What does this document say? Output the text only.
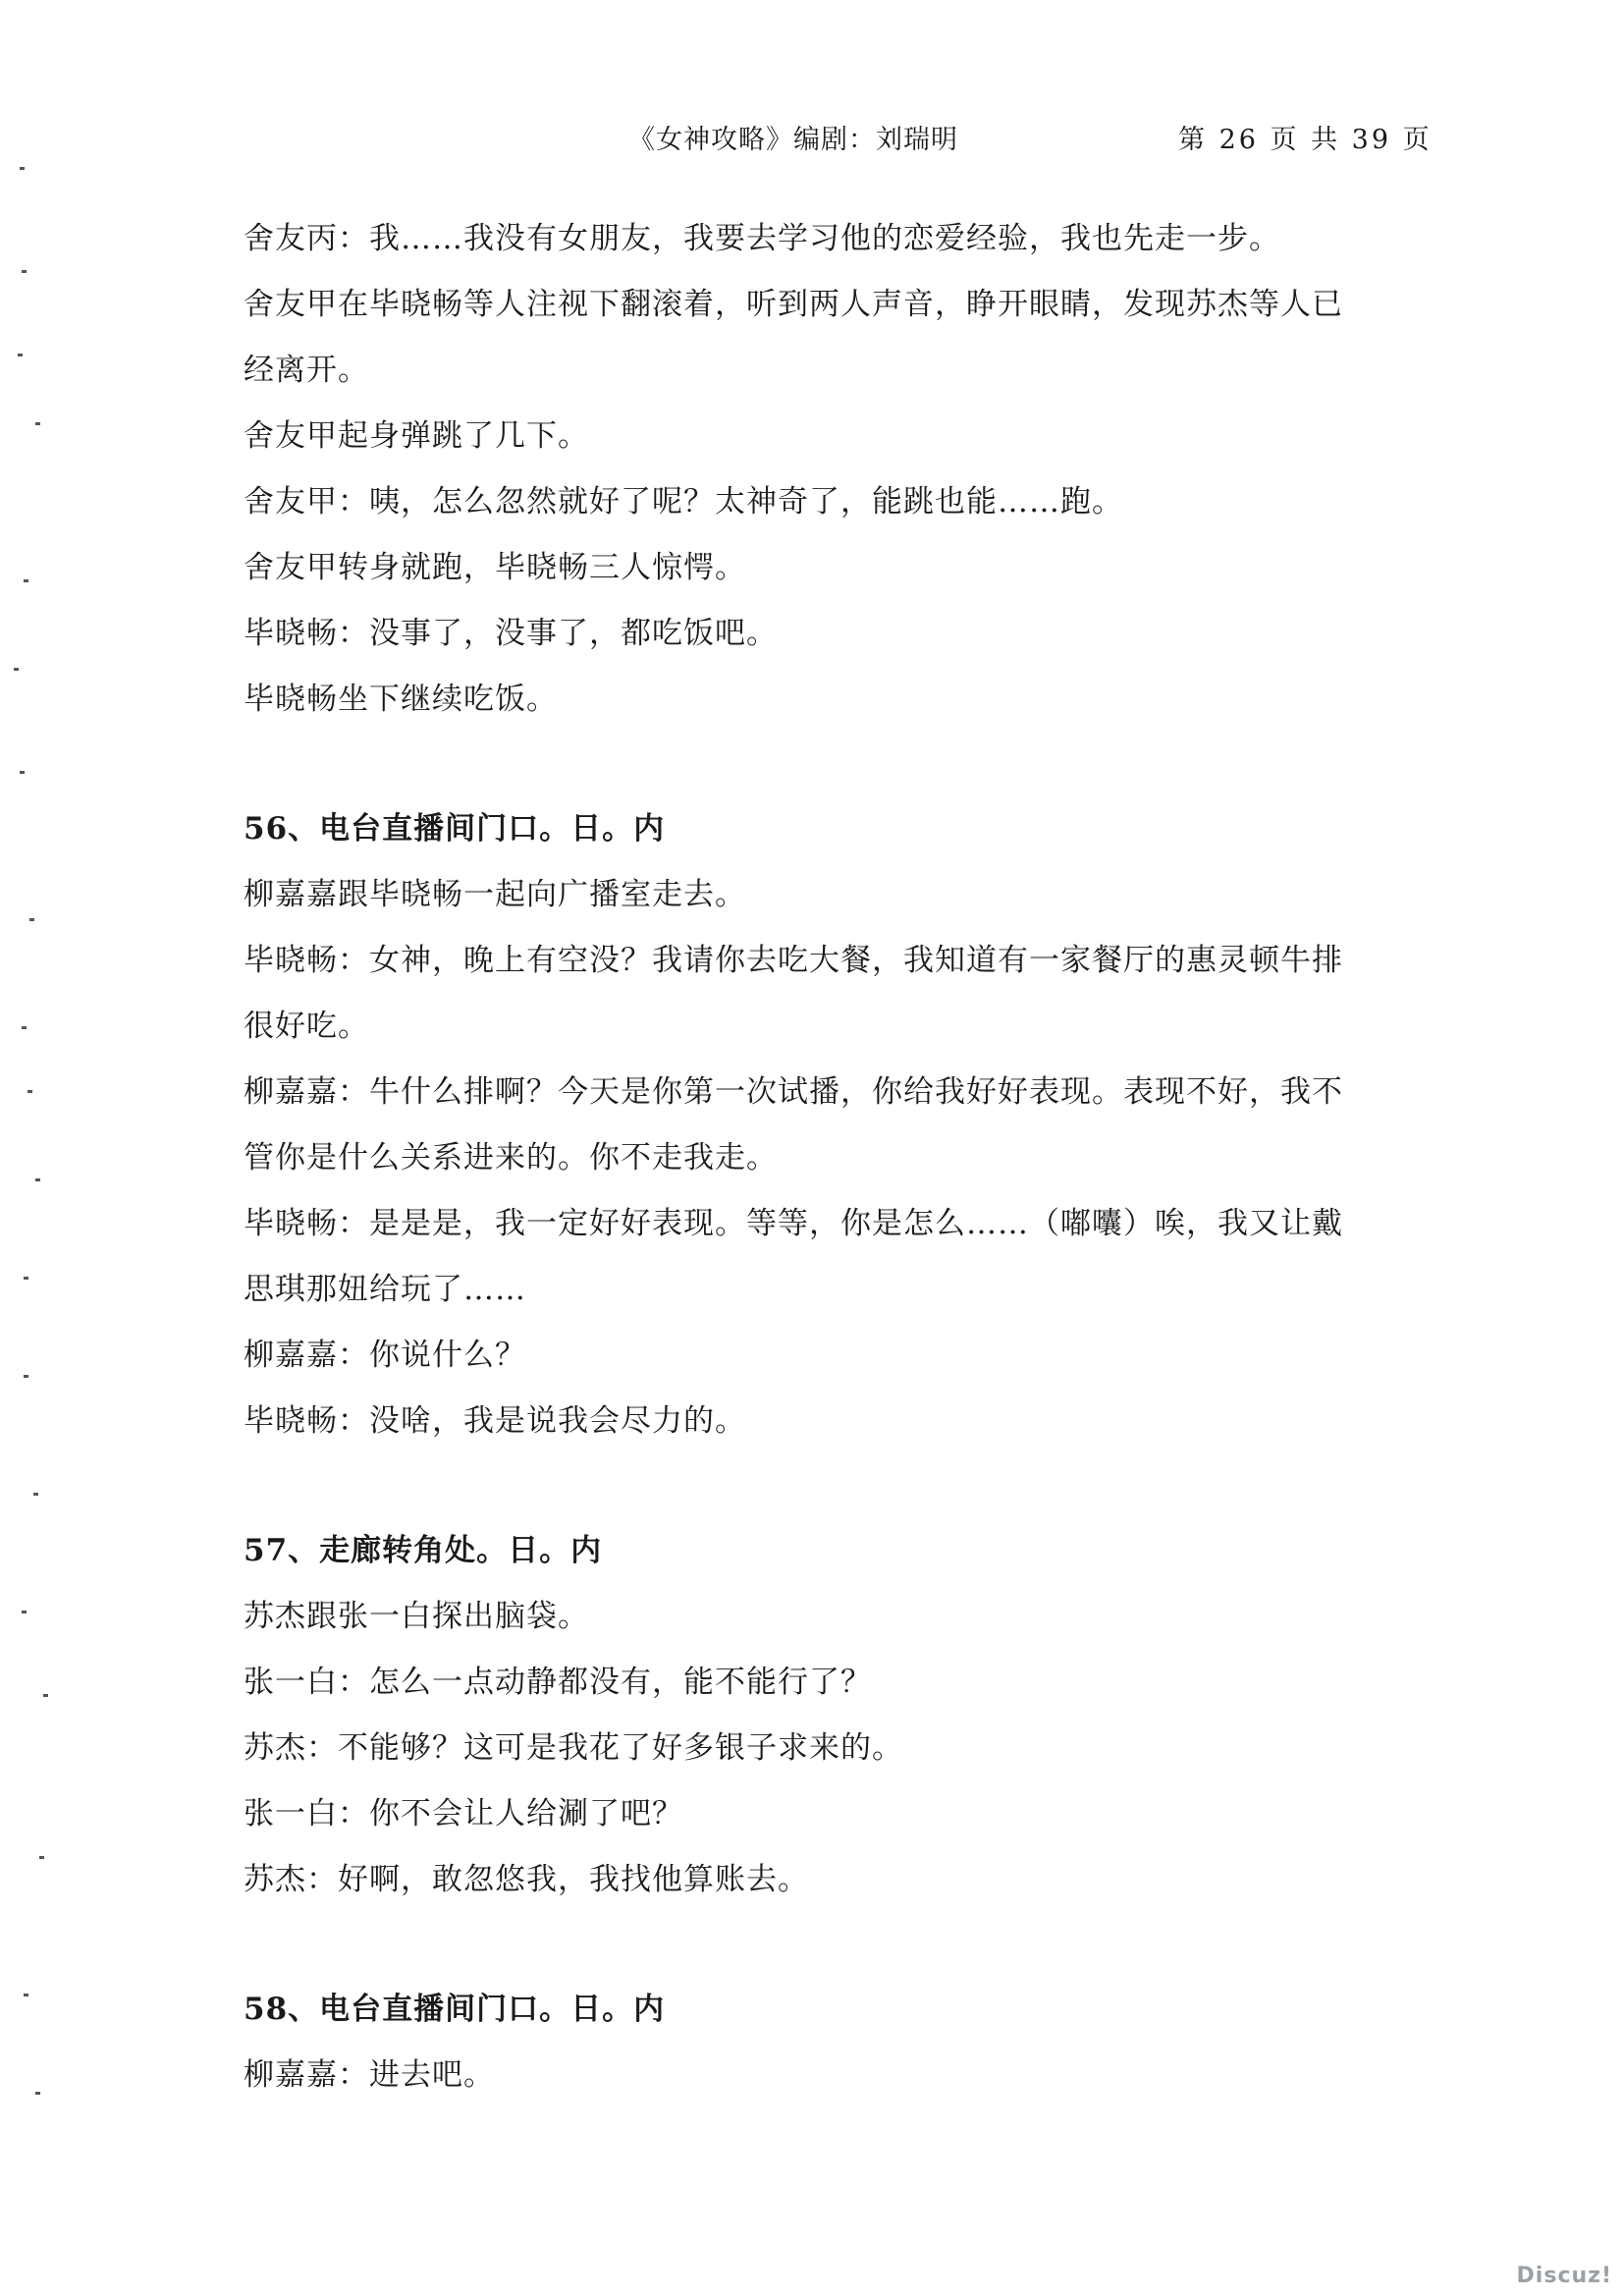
《女神攻略》编剧：刘瑞明	第 26 页 共 39 页
舍友丙：我……我没有女朋友，我要去学习他的恋爱经验，我也先走一步。
舍友甲在毕晓畅等人注视下翻滚着，听到两人声音，睁开眼睛，发现苏杰等人已
经离开。
舍友甲起身弹跳了几下。
舍友甲：咦，怎么忽然就好了呢？太神奇了，能跳也能……跑。
舍友甲转身就跑，毕晓畅三人惊愕。
毕晓畅：没事了，没事了，都吃饭吧。
毕晓畅坐下继续吃饭。
56、电台直播间门口。日。内
柳嘉嘉跟毕晓畅一起向广播室走去。
毕晓畅：女神，晚上有空没？我请你去吃大餐，我知道有一家餐厅的惠灵顿牛排
很好吃。
柳嘉嘉：牛什么排啊？今天是你第一次试播，你给我好好表现。表现不好，我不
管你是什么关系进来的。你不走我走。
毕晓畅：是是是，我一定好好表现。等等，你是怎么……（嘟囔）唉，我又让戴
思琪那妞给玩了……
柳嘉嘉：你说什么？
毕晓畅：没啥，我是说我会尽力的。
57、走廊转角处。日。内
苏杰跟张一白探出脑袋。
张一白：怎么一点动静都没有，能不能行了？
苏杰：不能够？这可是我花了好多银子求来的。
张一白：你不会让人给涮了吧？
苏杰：好啊，敢忽悠我，我找他算账去。
58、电台直播间门口。日。内
柳嘉嘉：进去吧。
Discuz!
